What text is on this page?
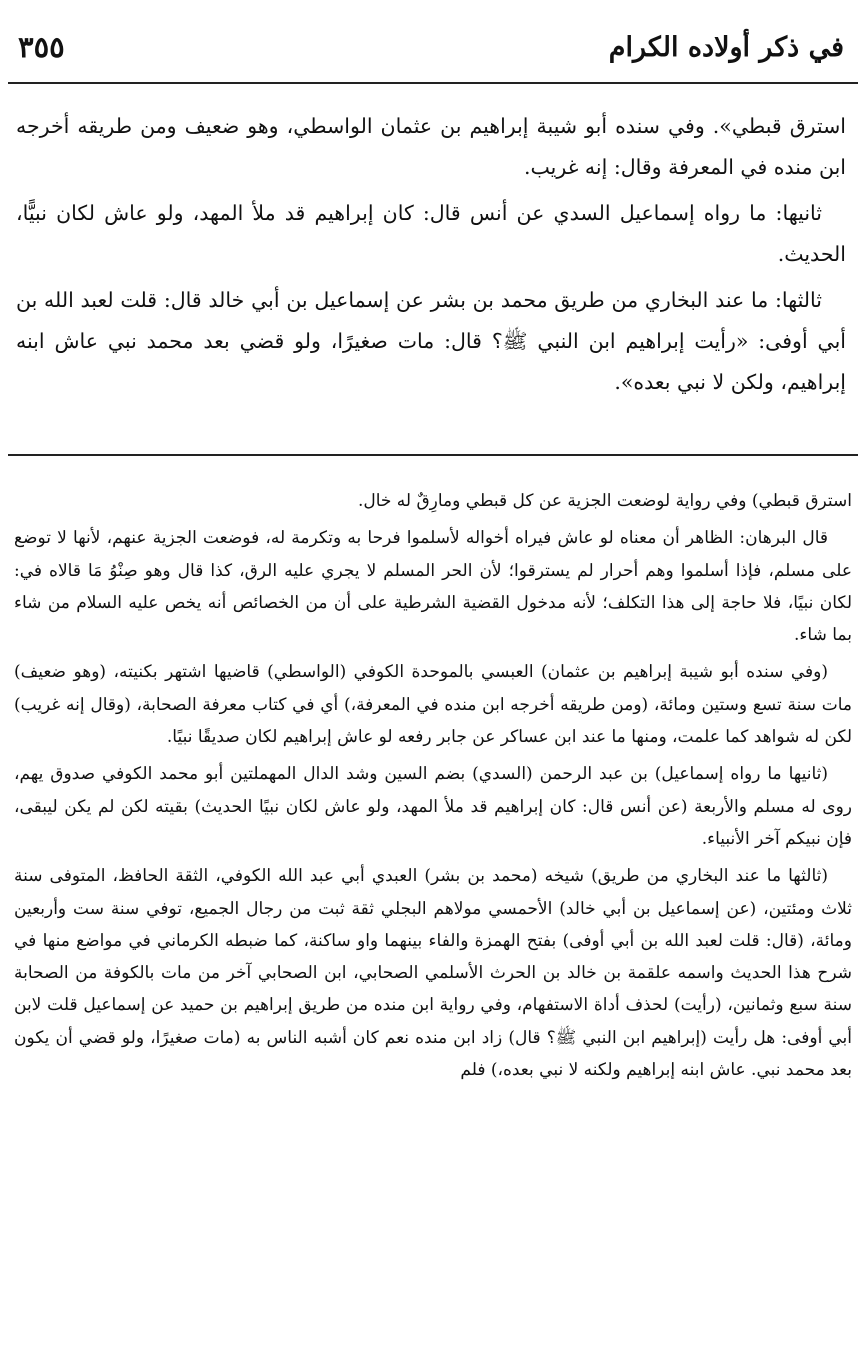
في ذكر أولاده الكرام
٣٥٥

استرق قبطي». وفي سنده أبو شيبة إبراهيم بن عثمان الواسطي، وهو ضعيف ومن طريقه أخرجه ابن منده في المعرفة وقال: إنه غريب.

ثانيها: ما رواه إسماعيل السدي عن أنس قال: كان إبراهيم قد ملأ المهد، ولو عاش لكان نبيًّا، الحديث.

ثالثها: ما عند البخاري من طريق محمد بن بشر عن إسماعيل بن أبي خالد قال: قلت لعبد الله بن أبي أوفى: «رأيت إبراهيم ابن النبي ﷺ؟ قال: مات صغيرًا، ولو قضي بعد محمد نبي عاش ابنه إبراهيم، ولكن لا نبي بعده».

استرق قبطي) وفي رواية لوضعت الجزية عن كل قبطي ومارِقٌ له خال.

قال البرهان: الظاهر أن معناه لو عاش فيراه أخواله لأسلموا فرحا به وتكرمة له، فوضعت الجزية عنهم، لأنها لا توضع على مسلم، فإذا أسلموا وهم أحرار لم يسترقوا؛ لأن الحر المسلم لا يجري عليه الرق، كذا قال وهو صِنْوُ مَا قالاه في: لكان نبيًا، فلا حاجة إلى هذا التكلف؛ لأنه مدخول القضية الشرطية على أن من الخصائص أنه يخص عليه السلام من شاء بما شاء.

(وفي سنده أبو شيبة إبراهيم بن عثمان) العبسي بالموحدة الكوفي (الواسطي) قاضيها اشتهر بكنيته، (وهو ضعيف) مات سنة تسع وستين ومائة، (ومن طريقه أخرجه ابن منده في المعرفة،) أي في كتاب معرفة الصحابة، (وقال إنه غريب) لكن له شواهد كما علمت، ومنها ما عند ابن عساكر عن جابر رفعه لو عاش إبراهيم لكان صديقًا نبيًا.

(ثانيها ما رواه إسماعيل) بن عبد الرحمن (السدي) بضم السين وشد الدال المهملتين أبو محمد الكوفي صدوق يهم، روى له مسلم والأربعة (عن أنس قال: كان إبراهيم قد ملأ المهد، ولو عاش لكان نبيًا الحديث) بقيته لكن لم يكن ليبقى، فإن نبيكم آخر الأنبياء.

(ثالثها ما عند البخاري من طريق) شيخه (محمد بن بشر) العبدي أبي عبد الله الكوفي، الثقة الحافظ، المتوفى سنة ثلاث ومئتين، (عن إسماعيل بن أبي خالد) الأحمسي مولاهم البجلي ثقة ثبت من رجال الجميع، توفي سنة ست وأربعين ومائة، (قال: قلت لعبد الله بن أبي أوفى) بفتح الهمزة والفاء بينهما واو ساكنة، كما ضبطه الكرماني في مواضع منها في شرح هذا الحديث واسمه علقمة بن خالد بن الحرث الأسلمي الصحابي، ابن الصحابي آخر من مات بالكوفة من الصحابة سنة سبع وثمانين، (رأيت) لحذف أداة الاستفهام، وفي رواية ابن منده من طريق إبراهيم بن حميد عن إسماعيل قلت لابن أبي أوفى: هل رأيت (إبراهيم ابن النبي ﷺ؟ قال) زاد ابن منده نعم كان أشبه الناس به (مات صغيرًا، ولو قضي أن يكون بعد محمد نبي. عاش ابنه إبراهيم ولكنه لا نبي بعده،) فلم
